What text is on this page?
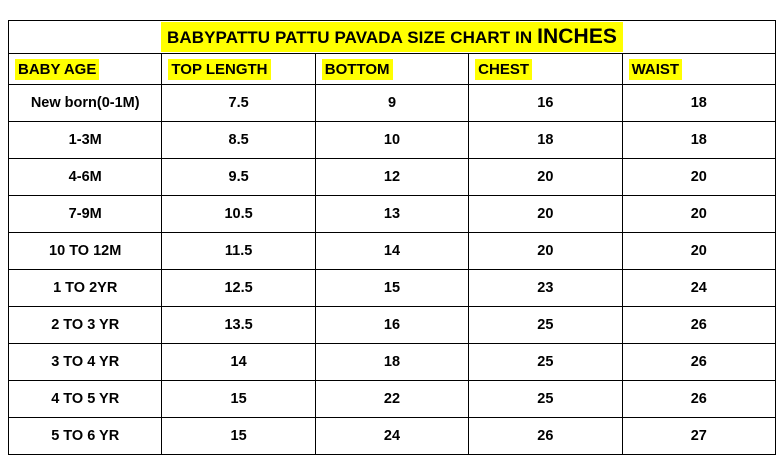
BABYPATTU PATTU PAVADA SIZE CHART IN INCHES				
BABY AGE	TOP LENGTH	BOTTOM	CHEST	WAIST
New born(0-1M)	7.5	9	16	18
1-3M	8.5	10	18	18
4-6M	9.5	12	20	20
7-9M	10.5	13	20	20
10 TO 12M	11.5	14	20	20
1 TO 2YR	12.5	15	23	24
2 TO 3 YR	13.5	16	25	26
3 TO 4 YR	14	18	25	26
4 TO 5 YR	15	22	25	26
5 TO 6 YR	15	24	26	27
